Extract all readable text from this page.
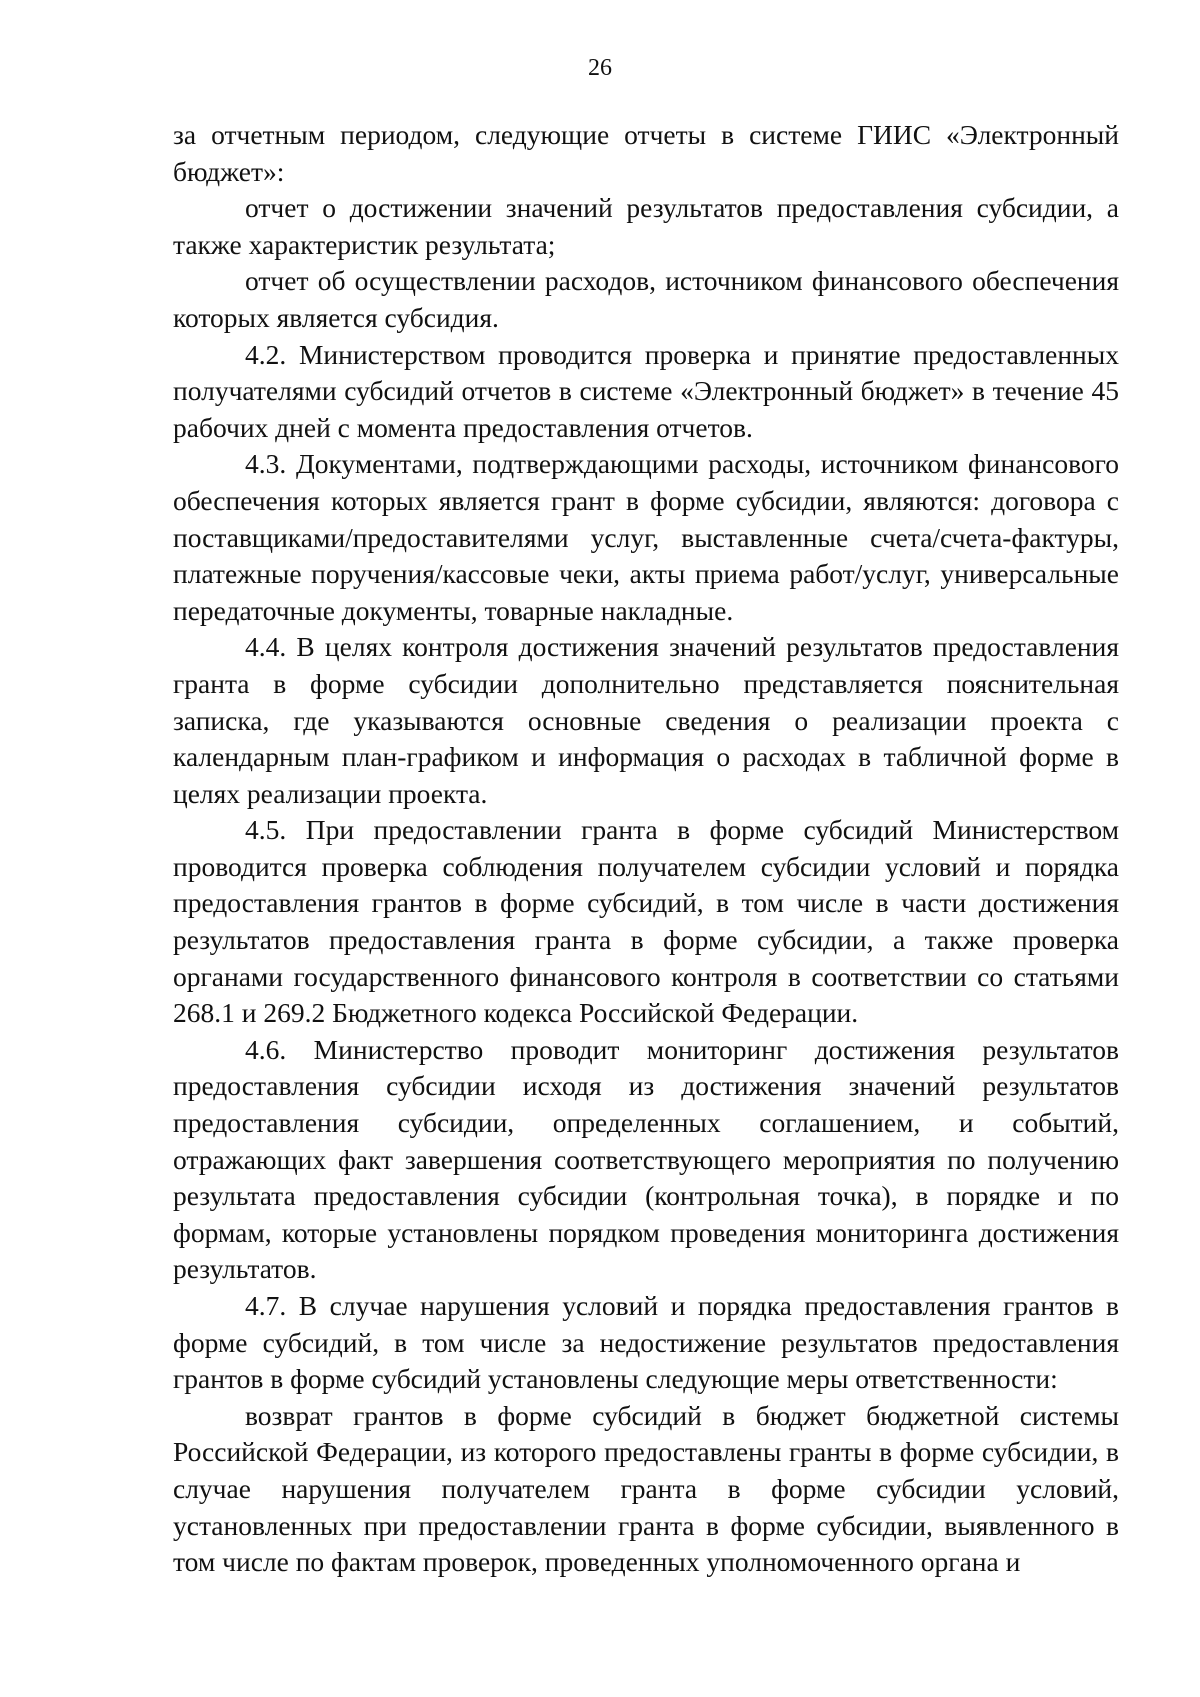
26

за отчетным периодом, следующие отчеты в системе ГИИС «Электронный бюджет»:

отчет о достижении значений результатов предоставления субсидии, а также характеристик результата;

отчет об осуществлении расходов, источником финансового обеспечения которых является субсидия.

4.2. Министерством проводится проверка и принятие предоставленных получателями субсидий отчетов в системе «Электронный бюджет» в течение 45 рабочих дней с момента предоставления отчетов.

4.3. Документами, подтверждающими расходы, источником финансового обеспечения которых является грант в форме субсидии, являются: договора с поставщиками/предоставителями услуг, выставленные счета/счета-фактуры, платежные поручения/кассовые чеки, акты приема работ/услуг, универсальные передаточные документы, товарные накладные.

4.4. В целях контроля достижения значений результатов предоставления гранта в форме субсидии дополнительно представляется пояснительная записка, где указываются основные сведения о реализации проекта с календарным план-графиком и информация о расходах в табличной форме в целях реализации проекта.

4.5. При предоставлении гранта в форме субсидий Министерством проводится проверка соблюдения получателем субсидии условий и порядка предоставления грантов в форме субсидий, в том числе в части достижения результатов предоставления гранта в форме субсидии, а также проверка органами государственного финансового контроля в соответствии со статьями 268.1 и 269.2 Бюджетного кодекса Российской Федерации.

4.6. Министерство проводит мониторинг достижения результатов предоставления субсидии исходя из достижения значений результатов предоставления субсидии, определенных соглашением, и событий, отражающих факт завершения соответствующего мероприятия по получению результата предоставления субсидии (контрольная точка), в порядке и по формам, которые установлены порядком проведения мониторинга достижения результатов.

4.7. В случае нарушения условий и порядка предоставления грантов в форме субсидий, в том числе за недостижение результатов предоставления грантов в форме субсидий установлены следующие меры ответственности:

возврат грантов в форме субсидий в бюджет бюджетной системы Российской Федерации, из которого предоставлены гранты в форме субсидии, в случае нарушения получателем гранта в форме субсидии условий, установленных при предоставлении гранта в форме субсидии, выявленного в том числе по фактам проверок, проведенных уполномоченного органа и
